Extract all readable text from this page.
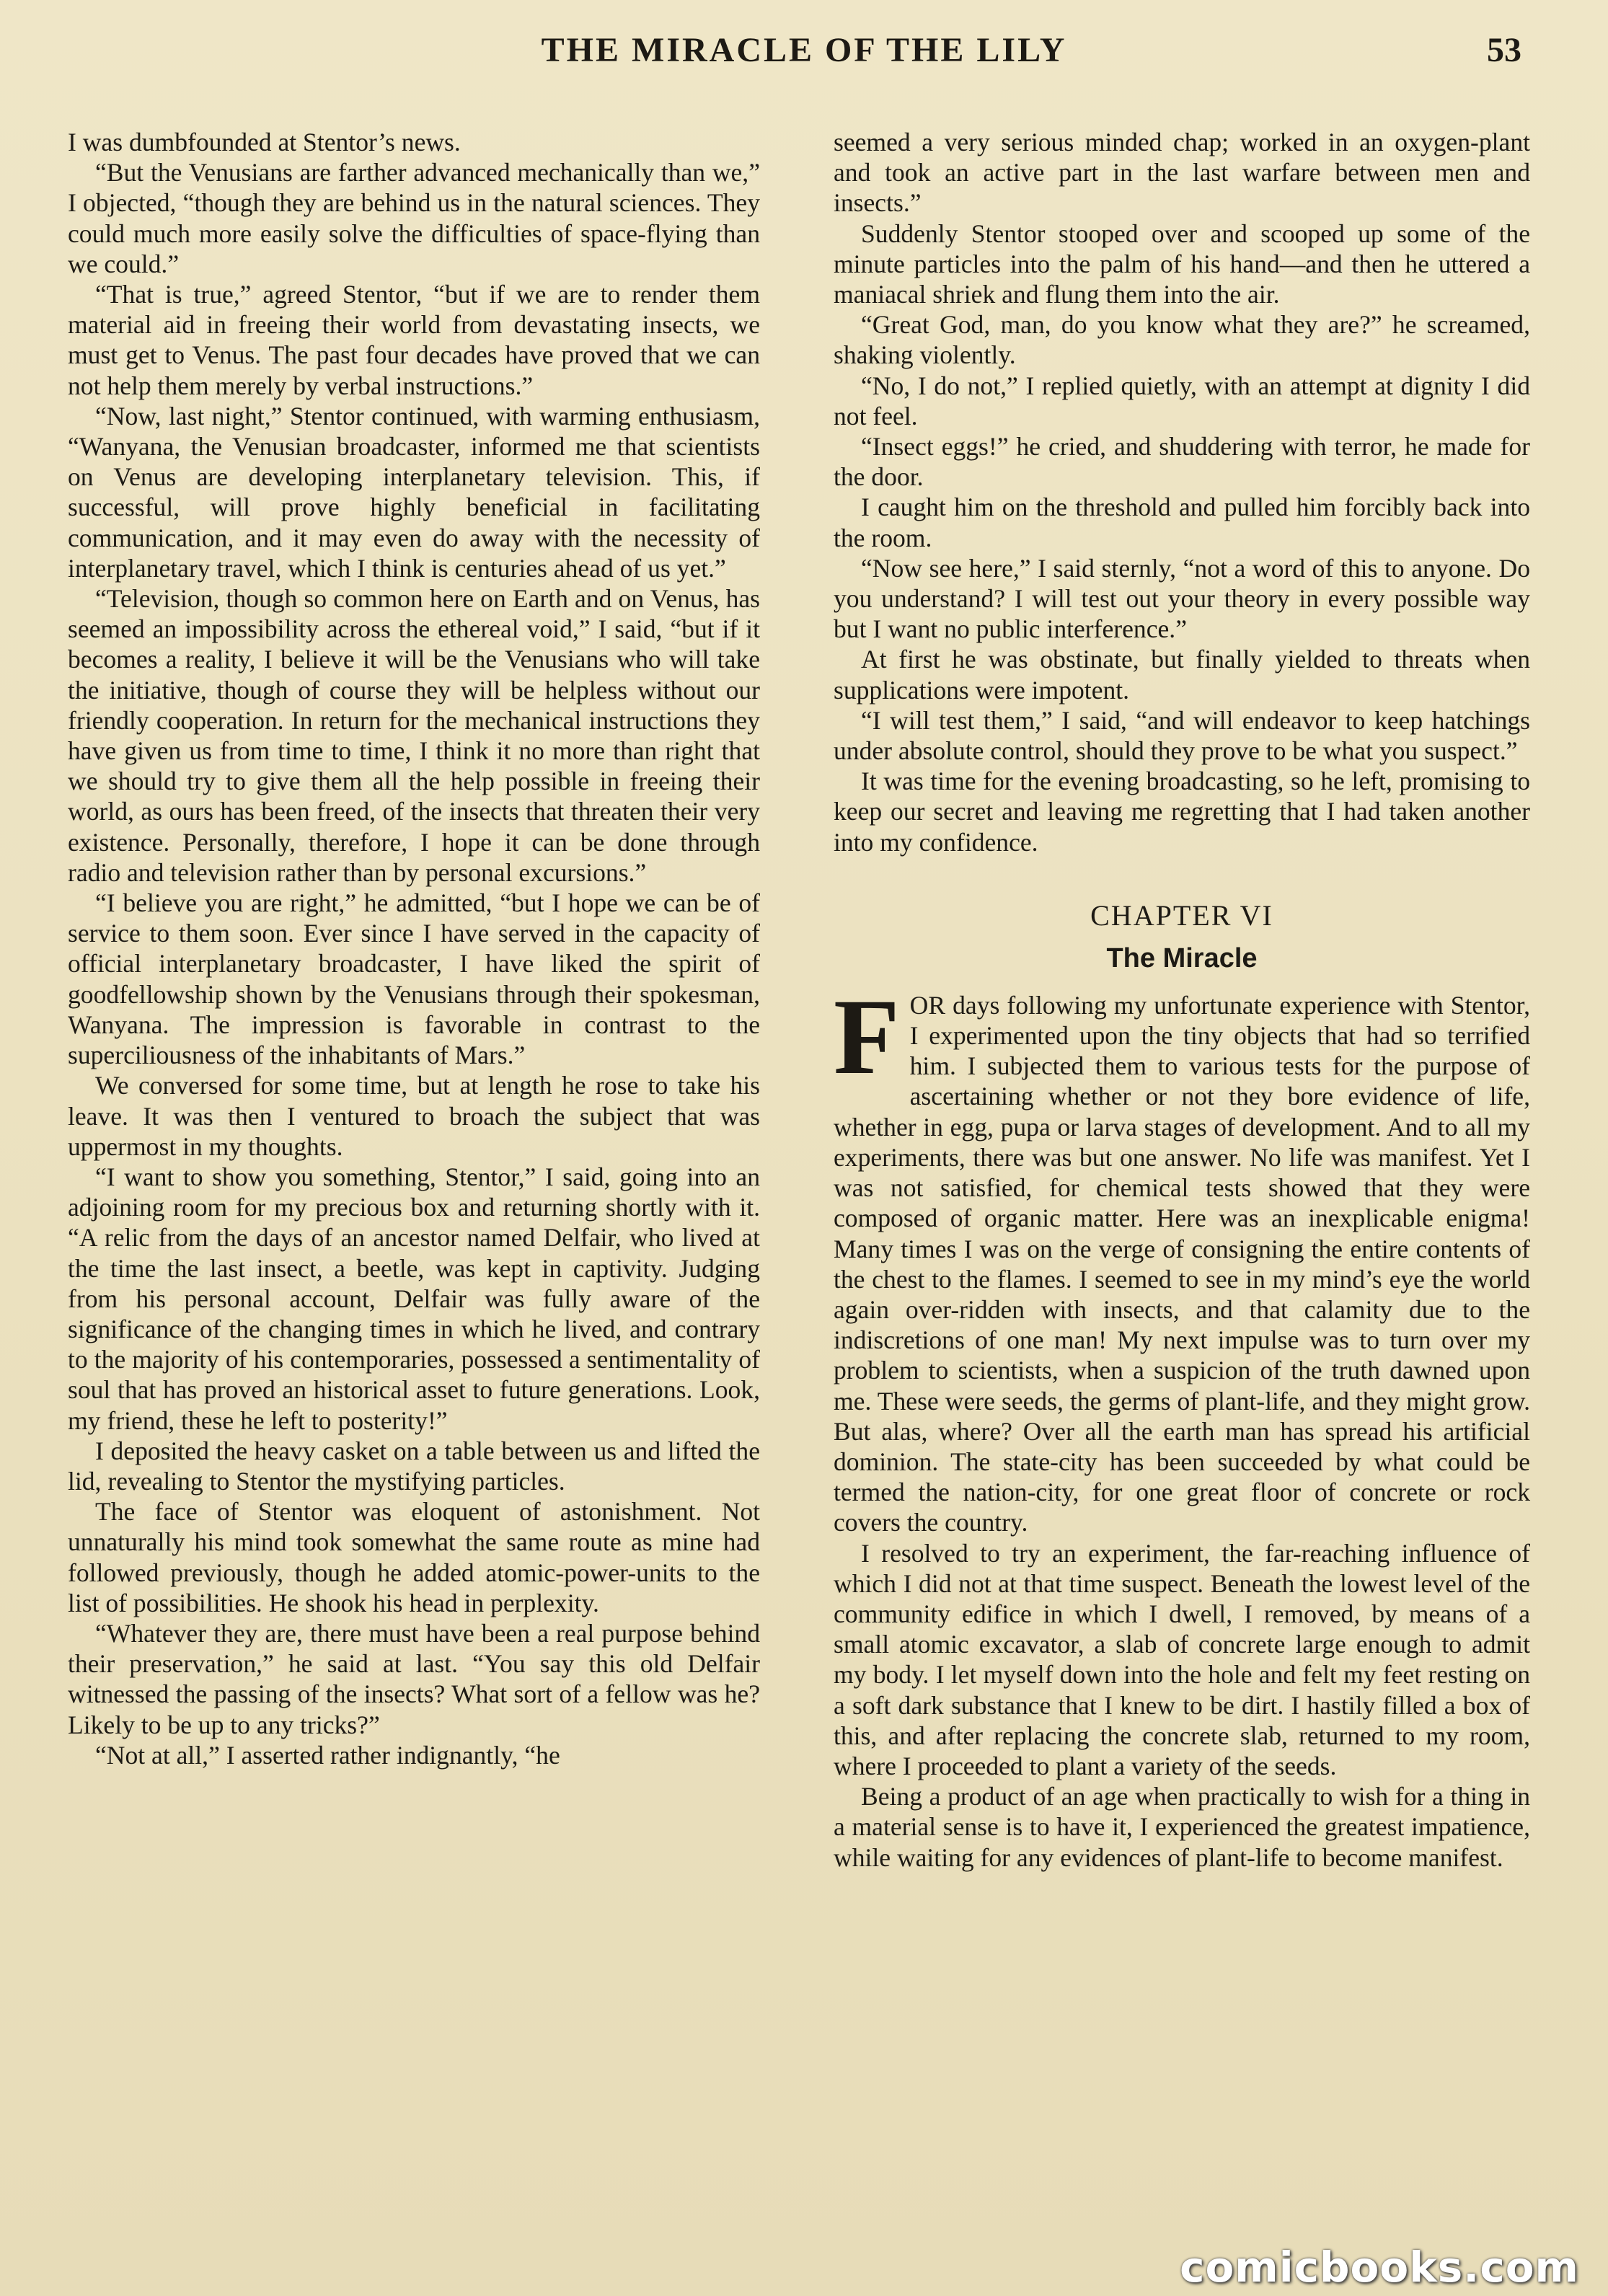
THE MIRACLE OF THE LILY	53

I was dumbfounded at Stentor’s news.

“But the Venusians are farther advanced mechanically than we,” I objected, “though they are behind us in the natural sciences. They could much more easily solve the difficulties of space-flying than we could.”

“That is true,” agreed Stentor, “but if we are to render them material aid in freeing their world from devastating insects, we must get to Venus. The past four decades have proved that we can not help them merely by verbal instructions.”

“Now, last night,” Stentor continued, with warming enthusiasm, “Wanyana, the Venusian broadcaster, informed me that scientists on Venus are developing interplanetary television. This, if successful, will prove highly beneficial in facilitating communication, and it may even do away with the necessity of interplanetary travel, which I think is centuries ahead of us yet.”

“Television, though so common here on Earth and on Venus, has seemed an impossibility across the ethereal void,” I said, “but if it becomes a reality, I believe it will be the Venusians who will take the initiative, though of course they will be helpless without our friendly cooperation. In return for the mechanical instructions they have given us from time to time, I think it no more than right that we should try to give them all the help possible in freeing their world, as ours has been freed, of the insects that threaten their very existence. Personally, therefore, I hope it can be done through radio and television rather than by personal excursions.”

“I believe you are right,” he admitted, “but I hope we can be of service to them soon. Ever since I have served in the capacity of official interplanetary broadcaster, I have liked the spirit of goodfellowship shown by the Venusians through their spokesman, Wanyana. The impression is favorable in contrast to the superciliousness of the inhabitants of Mars.”

We conversed for some time, but at length he rose to take his leave. It was then I ventured to broach the subject that was uppermost in my thoughts.

“I want to show you something, Stentor,” I said, going into an adjoining room for my precious box and returning shortly with it. “A relic from the days of an ancestor named Delfair, who lived at the time the last insect, a beetle, was kept in captivity. Judging from his personal account, Delfair was fully aware of the significance of the changing times in which he lived, and contrary to the majority of his contemporaries, possessed a sentimentality of soul that has proved an historical asset to future generations. Look, my friend, these he left to posterity!”

I deposited the heavy casket on a table between us and lifted the lid, revealing to Stentor the mystifying particles.

The face of Stentor was eloquent of astonishment. Not unnaturally his mind took somewhat the same route as mine had followed previously, though he added atomic-power-units to the list of possibilities. He shook his head in perplexity.

“Whatever they are, there must have been a real purpose behind their preservation,” he said at last. “You say this old Delfair witnessed the passing of the insects? What sort of a fellow was he? Likely to be up to any tricks?”

“Not at all,” I asserted rather indignantly, “he

seemed a very serious minded chap; worked in an oxygen-plant and took an active part in the last warfare between men and insects.”

Suddenly Stentor stooped over and scooped up some of the minute particles into the palm of his hand—and then he uttered a maniacal shriek and flung them into the air.

“Great God, man, do you know what they are?” he screamed, shaking violently.

“No, I do not,” I replied quietly, with an attempt at dignity I did not feel.

“Insect eggs!” he cried, and shuddering with terror, he made for the door.

I caught him on the threshold and pulled him forcibly back into the room.

“Now see here,” I said sternly, “not a word of this to anyone. Do you understand? I will test out your theory in every possible way but I want no public interference.”

At first he was obstinate, but finally yielded to threats when supplications were impotent.

“I will test them,” I said, “and will endeavor to keep hatchings under absolute control, should they prove to be what you suspect.”

It was time for the evening broadcasting, so he left, promising to keep our secret and leaving me regretting that I had taken another into my confidence.

CHAPTER VI
The Miracle

FOR days following my unfortunate experience with Stentor, I experimented upon the tiny objects that had so terrified him. I subjected them to various tests for the purpose of ascertaining whether or not they bore evidence of life, whether in egg, pupa or larva stages of development. And to all my experiments, there was but one answer. No life was manifest. Yet I was not satisfied, for chemical tests showed that they were composed of organic matter. Here was an inexplicable enigma! Many times I was on the verge of consigning the entire contents of the chest to the flames. I seemed to see in my mind’s eye the world again over-ridden with insects, and that calamity due to the indiscretions of one man! My next impulse was to turn over my problem to scientists, when a suspicion of the truth dawned upon me. These were seeds, the germs of plant-life, and they might grow. But alas, where? Over all the earth man has spread his artificial dominion. The state-city has been succeeded by what could be termed the nation-city, for one great floor of concrete or rock covers the country.

I resolved to try an experiment, the far-reaching influence of which I did not at that time suspect. Beneath the lowest level of the community edifice in which I dwell, I removed, by means of a small atomic excavator, a slab of concrete large enough to admit my body. I let myself down into the hole and felt my feet resting on a soft dark substance that I knew to be dirt. I hastily filled a box of this, and after replacing the concrete slab, returned to my room, where I proceeded to plant a variety of the seeds.

Being a product of an age when practically to wish for a thing in a material sense is to have it, I experienced the greatest impatience, while waiting for any evidences of plant-life to become manifest.

comicbooks.com
